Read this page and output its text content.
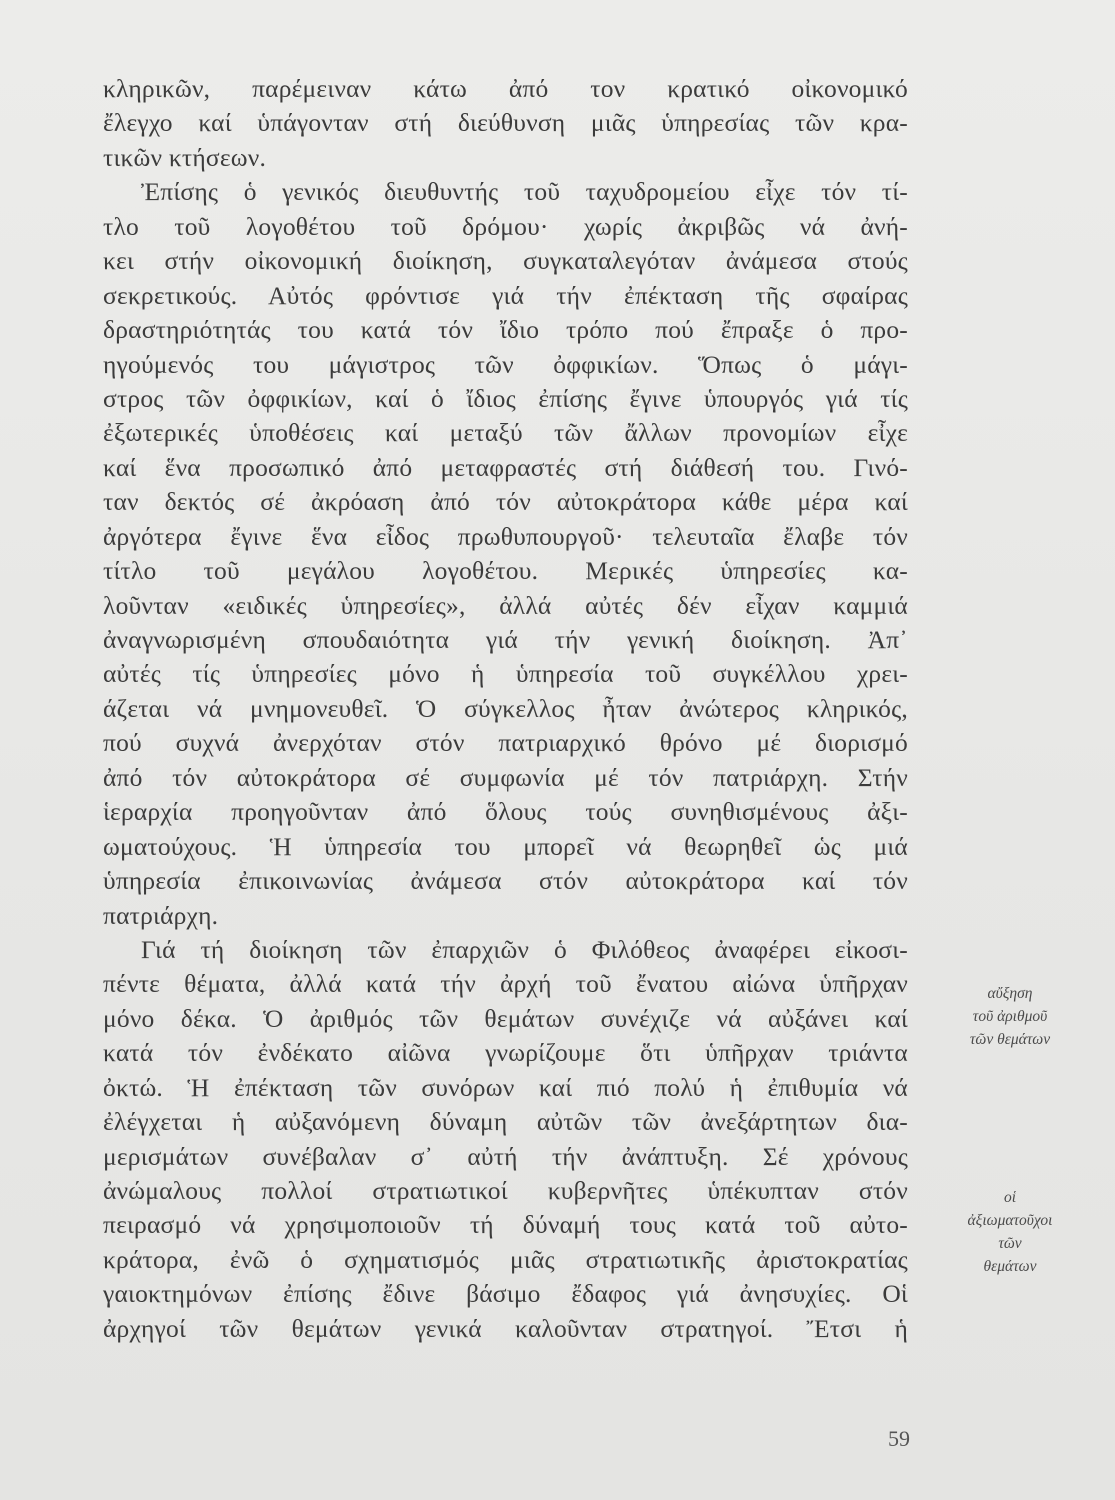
κληρικῶν, παρέμειναν κάτω ἀπό τον κρατικό οἰκονομικό
ἔλεγχο καί ὑπάγονταν στή διεύθυνση μιᾶς ὑπηρεσίας τῶν κρα-
τικῶν κτήσεων.
Ἐπίσης ὁ γενικός διευθυντής τοῦ ταχυδρομείου εἶχε τόν τί-
τλο τοῦ λογοθέτου τοῦ δρόμου· χωρίς ἀκριβῶς νά ἀνή-
κει στήν οἰκονομική διοίκηση, συγκαταλεγόταν ἀνάμεσα στούς
σεκρετικούς. Αὐτός φρόντισε γιά τήν ἐπέκταση τῆς σφαίρας
δραστηριότητάς του κατά τόν ἴδιο τρόπο πού ἔπραξε ὁ προ-
ηγούμενός του μάγιστρος τῶν ὀφφικίων. Ὅπως ὁ μάγι-
στρος τῶν ὀφφικίων, καί ὁ ἴδιος ἐπίσης ἔγινε ὑπουργός γιά τίς
ἐξωτερικές ὑποθέσεις καί μεταξύ τῶν ἄλλων προνομίων εἶχε
καί ἕνα προσωπικό ἀπό μεταφραστές στή διάθεσή του. Γινό-
ταν δεκτός σέ ἀκρόαση ἀπό τόν αὐτοκράτορα κάθε μέρα καί
ἀργότερα ἔγινε ἕνα εἶδος πρωθυπουργοῦ· τελευταῖα ἔλαβε τόν
τίτλο τοῦ μεγάλου λογοθέτου. Μερικές ὑπηρεσίες κα-
λοῦνταν «ειδικές ὑπηρεσίες», ἀλλά αὐτές δέν εἶχαν καμμιά
ἀναγνωρισμένη σπουδαιότητα γιά τήν γενική διοίκηση. Ἀπ᾿
αὐτές τίς ὑπηρεσίες μόνο ἡ ὑπηρεσία τοῦ συγκέλλου χρει-
άζεται νά μνημονευθεῖ. Ὁ σύγκελλος ἦταν ἀνώτερος κληρικός,
πού συχνά ἀνερχόταν στόν πατριαρχικό θρόνο μέ διορισμό
ἀπό τόν αὐτοκράτορα σέ συμφωνία μέ τόν πατριάρχη. Στήν
ἱεραρχία προηγοῦνταν ἀπό ὅλους τούς συνηθισμένους ἀξι-
ωματούχους. Ἡ ὑπηρεσία του μπορεῖ νά θεωρηθεῖ ὡς μιά
ὑπηρεσία ἐπικοινωνίας ἀνάμεσα στόν αὐτοκράτορα καί τόν
πατριάρχη.
Γιά τή διοίκηση τῶν ἐπαρχιῶν ὁ Φιλόθεος ἀναφέρει εἰκοσι-
πέντε θέματα, ἀλλά κατά τήν ἀρχή τοῦ ἔνατου αἰώνα ὑπῆρχαν
μόνο δέκα. Ὁ ἀριθμός τῶν θεμάτων συνέχιζε νά αὐξάνει καί
κατά τόν ἐνδέκατο αἰῶνα γνωρίζουμε ὅτι ὑπῆρχαν τριάντα
ὀκτώ. Ἡ ἐπέκταση τῶν συνόρων καί πιό πολύ ἡ ἐπιθυμία νά
ἐλέγχεται ἡ αὐξανόμενη δύναμη αὐτῶν τῶν ἀνεξάρτητων δια-
μερισμάτων συνέβαλαν σ᾿ αὐτή τήν ἀνάπτυξη. Σέ χρόνους
ἀνώμαλους πολλοί στρατιωτικοί κυβερνῆτες ὑπέκυπταν στόν
πειρασμό νά χρησιμοποιοῦν τή δύναμή τους κατά τοῦ αὐτο-
κράτορα, ἐνῶ ὁ σχηματισμός μιᾶς στρατιωτικῆς ἀριστοκρατίας
γαιοκτημόνων ἐπίσης ἔδινε βάσιμο ἔδαφος γιά ἀνησυχίες. Οἱ
ἀρχηγοί τῶν θεμάτων γενικά καλοῦνταν στρατηγοί. Ἔτσι ἡ
αὔξηση
τοῦ ἀριθμοῦ
τῶν θεμάτων
οἱ
ἀξιωματοῦχοι
τῶν
θεμάτων
59
